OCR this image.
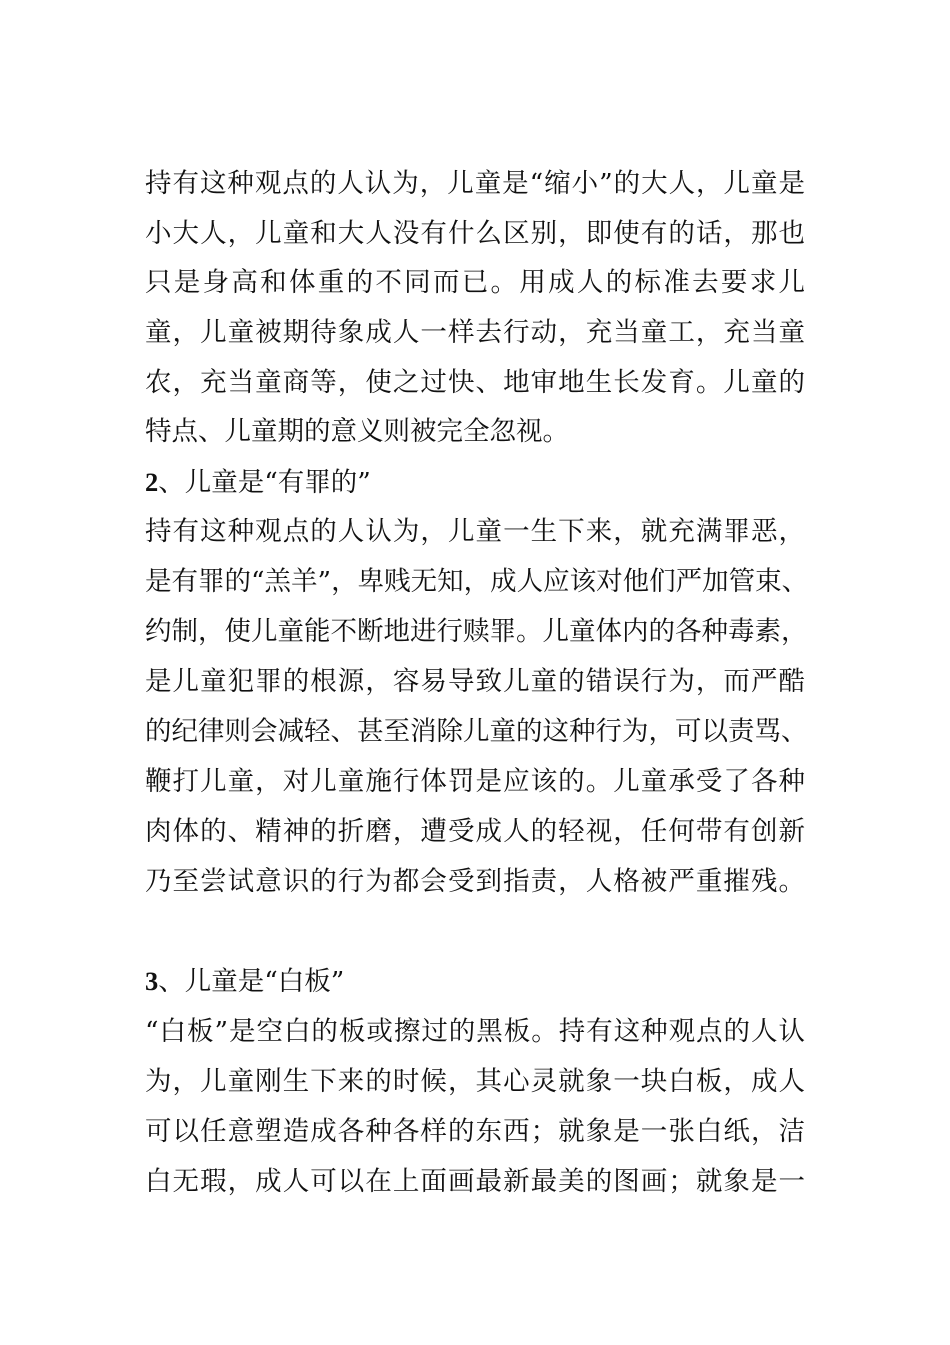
持有这种观点的人认为，儿童是“缩小”的大人，儿童是
小大人，儿童和大人没有什么区别，即使有的话，那也
只是身高和体重的不同而已。用成人的标准去要求儿
童，儿童被期待象成人一样去行动，充当童工，充当童
农，充当童商等，使之过快、地审地生长发育。儿童的
特点、儿童期的意义则被完全忽视。
2、儿童是“有罪的”
持有这种观点的人认为，儿童一生下来，就充满罪恶，
是有罪的“羔羊”，卑贱无知，成人应该对他们严加管束、
约制，使儿童能不断地进行赎罪。儿童体内的各种毒素，
是儿童犯罪的根源，容易导致儿童的错误行为，而严酷
的纪律则会减轻、甚至消除儿童的这种行为，可以责骂、
鞭打儿童，对儿童施行体罚是应该的。儿童承受了各种
肉体的、精神的折磨，遭受成人的轻视，任何带有创新
乃至尝试意识的行为都会受到指责，人格被严重摧残。
3、儿童是“白板”
“白板”是空白的板或擦过的黑板。持有这种观点的人认
为，儿童刚生下来的时候，其心灵就象一块白板，成人
可以任意塑造成各种各样的东西；就象是一张白纸，洁
白无瑕，成人可以在上面画最新最美的图画；就象是一
